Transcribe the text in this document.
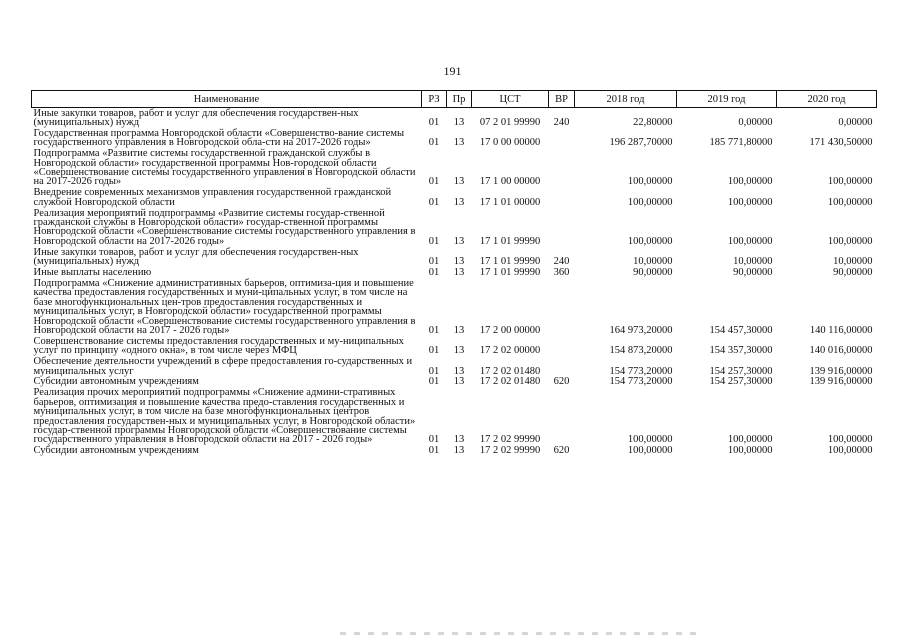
191
Наименование	РЗ	Пр	ЦСТ	ВР	2018 год	2019 год	2020 год
Иные закупки товаров, работ и услуг для обеспечения государствен-ных (муниципальных) нужд	01	13	07 2 01 99990	240	22,80000	0,00000	0,00000
Государственная программа Новгородской области «Совершенство-вание системы государственного управления в Новгородской обла-сти на 2017-2026 годы»	01	13	17 0 00 00000		196 287,70000	185 771,80000	171 430,50000
Подпрограмма «Развитие системы государственной гражданской службы в Новгородской области» государственной программы Нов-городской области «Совершенствование системы государственного управления в Новгородской области на 2017-2026 годы»	01	13	17 1 00 00000		100,00000	100,00000	100,00000
Внедрение современных механизмов управления государственной гражданской службой Новгородской области	01	13	17 1 01 00000		100,00000	100,00000	100,00000
Реализация мероприятий подпрограммы «Развитие системы государ-ственной гражданской службы в Новгородской области» государ-ственной программы Новгородской области «Совершенствование системы государственного управления в Новгородской области на 2017-2026 годы»	01	13	17 1 01 99990		100,00000	100,00000	100,00000
Иные закупки товаров, работ и услуг для обеспечения государствен-ных (муниципальных) нужд	01	13	17 1 01 99990	240	10,00000	10,00000	10,00000
Иные выплаты населению	01	13	17 1 01 99990	360	90,00000	90,00000	90,00000
Подпрограмма «Снижение административных барьеров, оптимиза-ция и повышение качества предоставления государственных и муни-ципальных услуг, в том числе на базе многофункциональных цен-тров предоставления государственных и муниципальных услуг, в Новгородской области» государственной программы Новгородской области «Совершенствование системы государственного управления в Новгородской области на 2017 - 2026 годы»	01	13	17 2 00 00000		164 973,20000	154 457,30000	140 116,00000
Совершенствование системы предоставления государственных и му-ниципальных услуг по принципу «одного окна», в том числе через МФЦ	01	13	17 2 02 00000		154 873,20000	154 357,30000	140 016,00000
Обеспечение деятельности учреждений в сфере предоставления го-сударственных и муниципальных услуг	01	13	17 2 02 01480		154 773,20000	154 257,30000	139 916,00000
Субсидии автономным учреждениям	01	13	17 2 02 01480	620	154 773,20000	154 257,30000	139 916,00000
Реализация прочих мероприятий подпрограммы «Снижение админи-стративных барьеров, оптимизация и повышение качества предо-ставления государственных и муниципальных услуг, в том числе на базе многофункциональных центров предоставления государствен-ных и муниципальных услуг, в Новгородской области» государ-ственной программы Новгородской области «Совершенствование системы государственного управления в Новгородской области на 2017 - 2026 годы»	01	13	17 2 02 99990		100,00000	100,00000	100,00000
Субсидии автономным учреждениям	01	13	17 2 02 99990	620	100,00000	100,00000	100,00000
